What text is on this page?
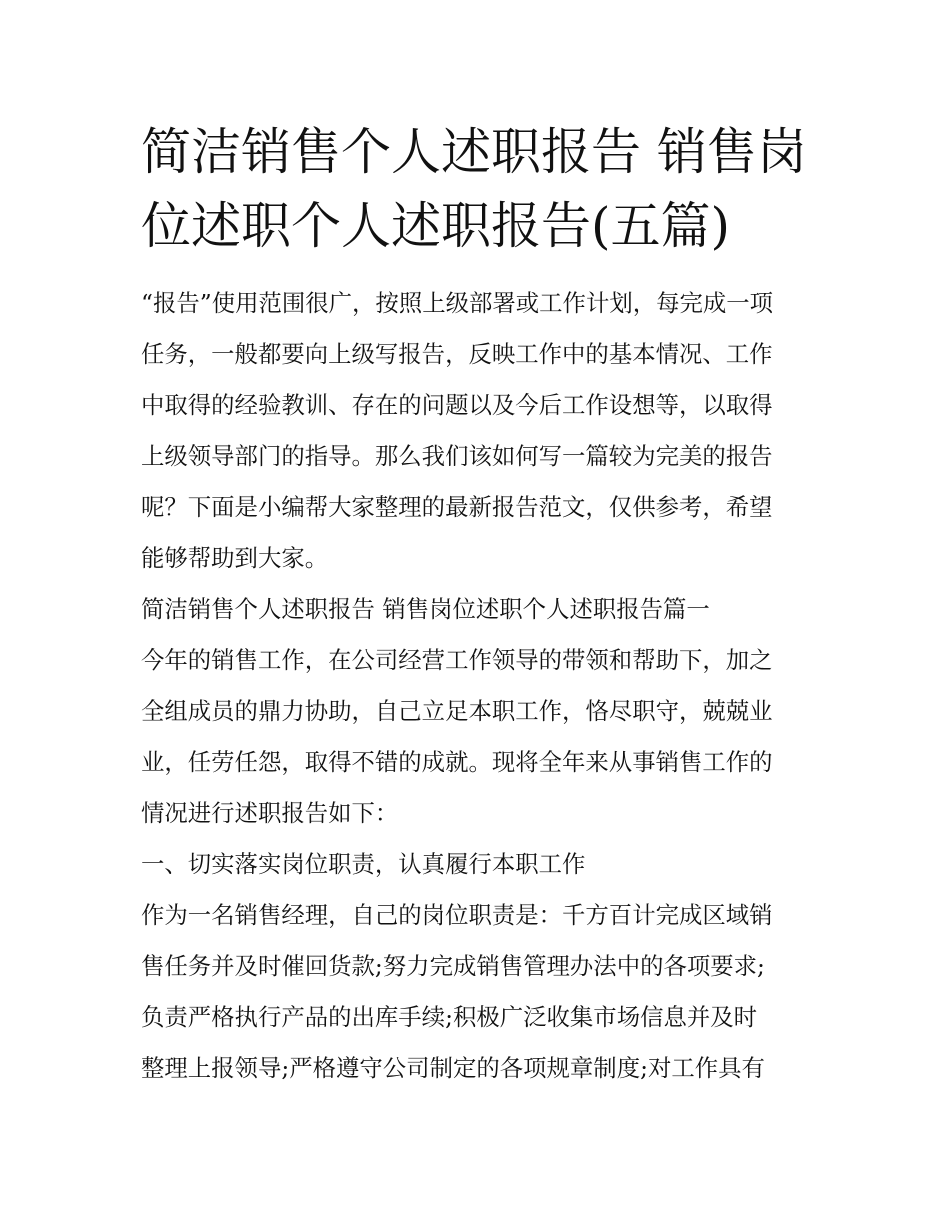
简洁销售个人述职报告 销售岗
位述职个人述职报告(五篇)

“报告”使用范围很广，按照上级部署或工作计划，每完成一项
任务，一般都要向上级写报告，反映工作中的基本情况、工作
中取得的经验教训、存在的问题以及今后工作设想等，以取得
上级领导部门的指导。那么我们该如何写一篇较为完美的报告
呢？下面是小编帮大家整理的最新报告范文，仅供参考，希望
能够帮助到大家。

简洁销售个人述职报告 销售岗位述职个人述职报告篇一

今年的销售工作，在公司经营工作领导的带领和帮助下，加之
全组成员的鼎力协助，自己立足本职工作，恪尽职守，兢兢业
业，任劳任怨，取得不错的成就。现将全年来从事销售工作的
情况进行述职报告如下：

一、切实落实岗位职责，认真履行本职工作

作为一名销售经理，自己的岗位职责是：千方百计完成区域销
售任务并及时催回货款;努力完成销售管理办法中的各项要求;
负责严格执行产品的出库手续;积极广泛收集市场信息并及时
整理上报领导;严格遵守公司制定的各项规章制度;对工作具有
